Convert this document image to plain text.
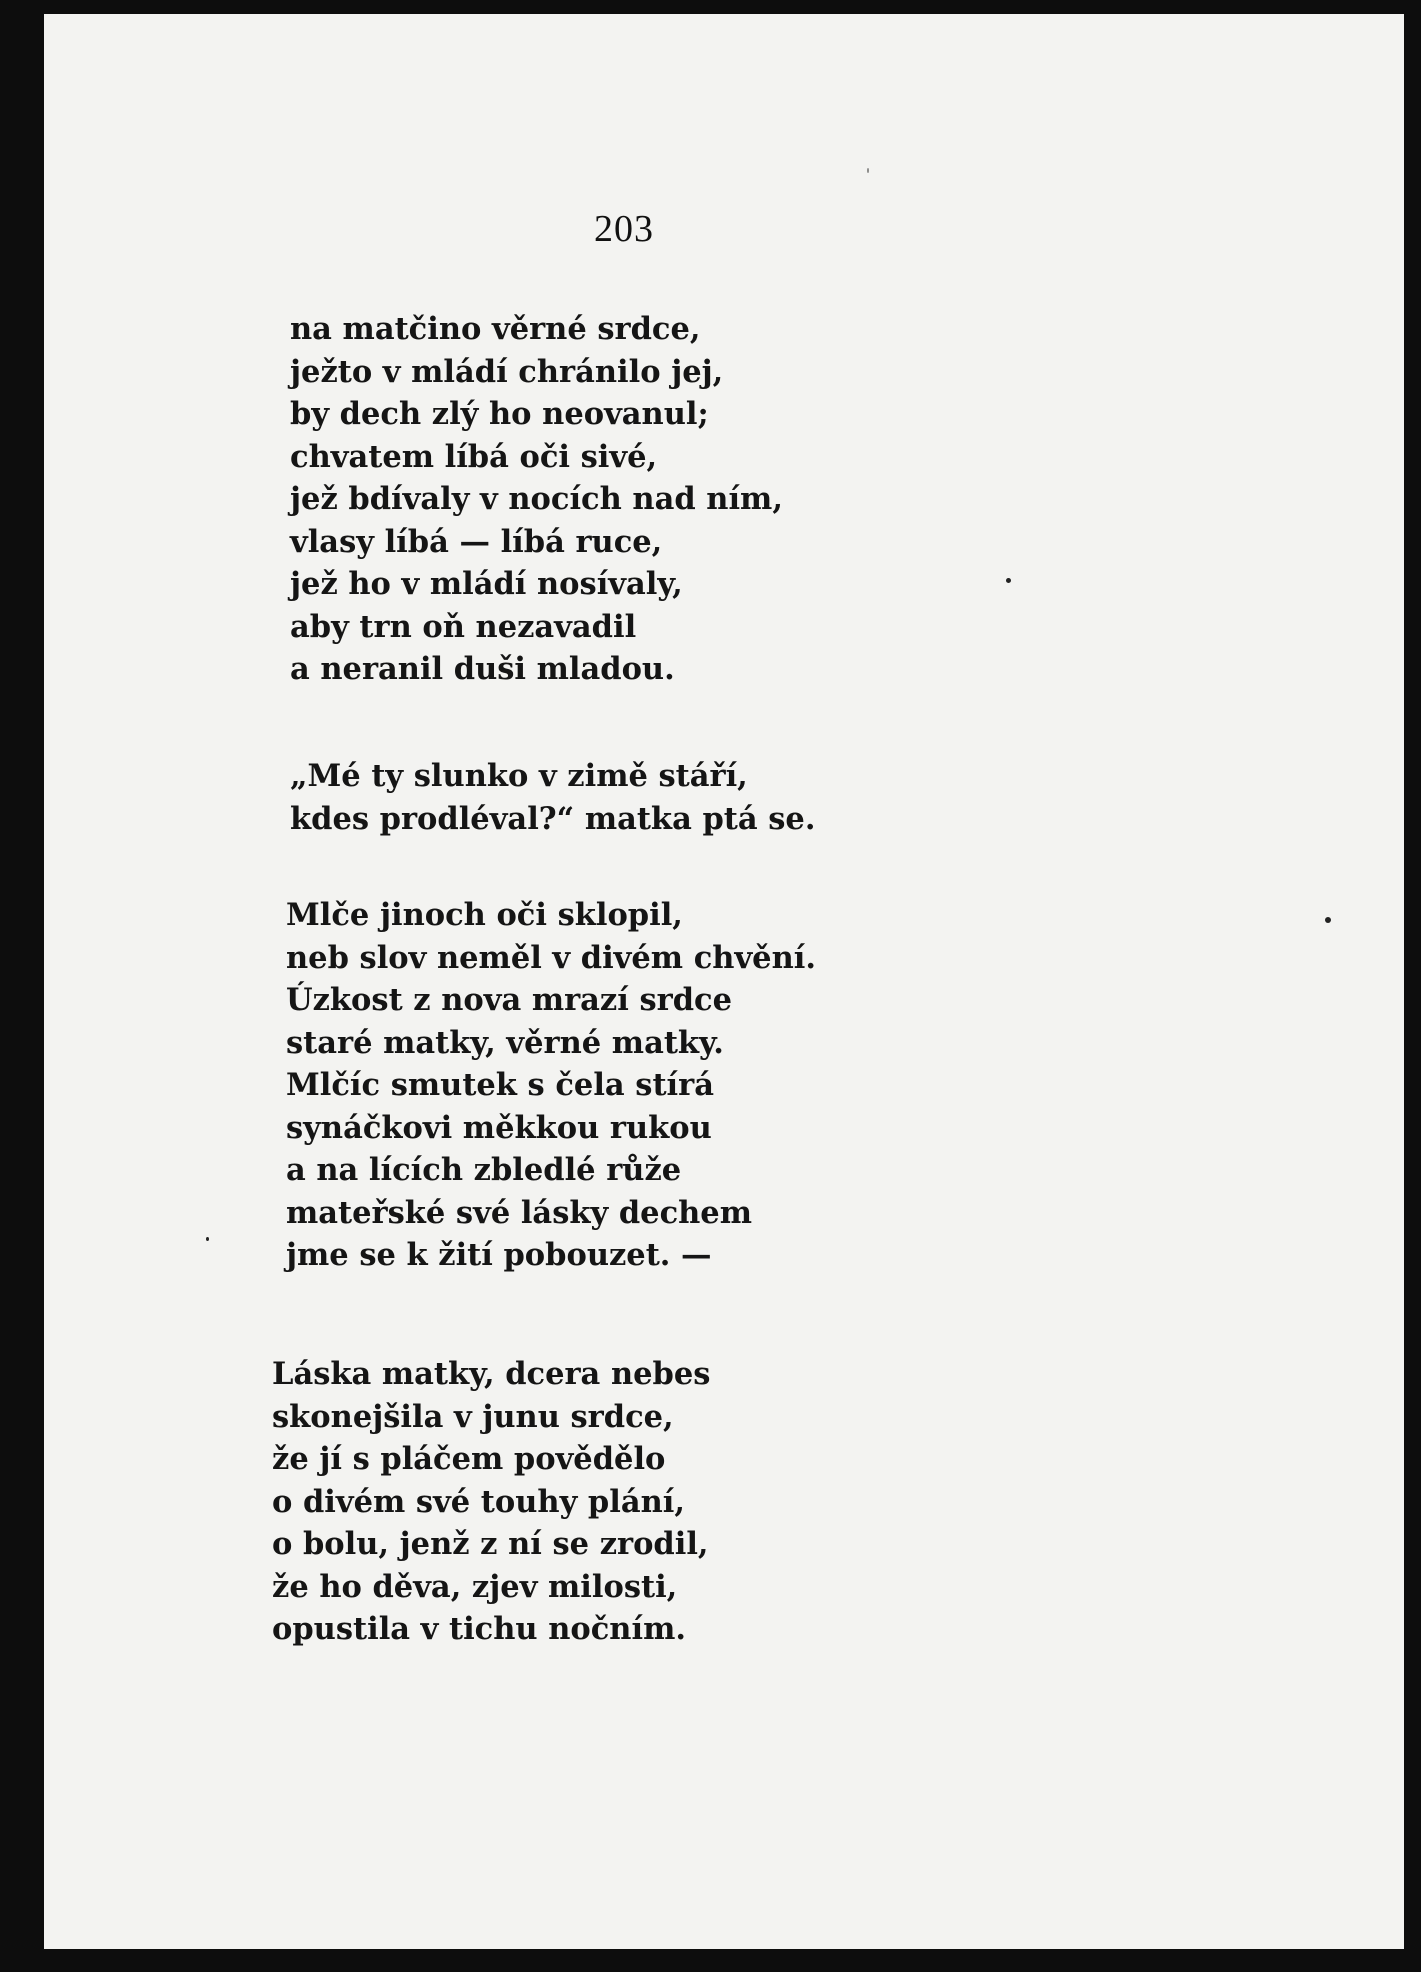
203
na matčino věrné srdce,
ježto v mládí chránilo jej,
by dech zlý ho neovanul;
chvatem líbá oči sivé,
jež bdívaly v nocích nad ním,
vlasy líbá — líbá ruce,
jež ho v mládí nosívaly,
aby trn oň nezavadil
a neranil duši mladou.
„Mé ty slunko v zimě stáří,
kdes prodléval?“ matka ptá se.
Mlče jinoch oči sklopil,
neb slov neměl v divém chvění.
Úzkost z nova mrazí srdce
staré matky, věrné matky.
Mlčíc smutek s čela stírá
synáčkovi měkkou rukou
a na lících zbledlé růže
mateřské své lásky dechem
jme se k žití pobouzet. —
Láska matky, dcera nebes
skonejšila v junu srdce,
že jí s pláčem povědělo
o divém své touhy plání,
o bolu, jenž z ní se zrodil,
že ho děva, zjev milosti,
opustila v tichu nočním.
